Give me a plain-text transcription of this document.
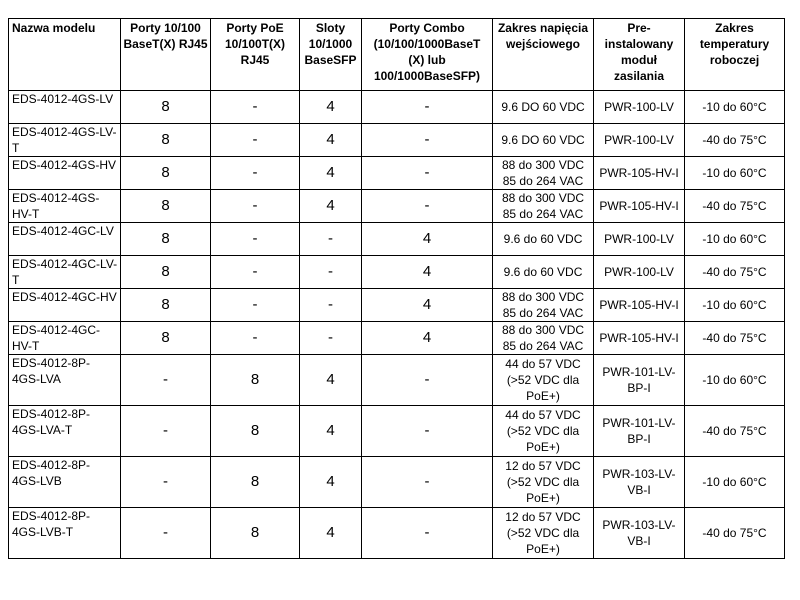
Nazwa modelu	Porty 10/100 BaseT(X) RJ45	Porty PoE 10/100T(X) RJ45	Sloty 10/1000 BaseSFP	Porty Combo (10/100/1000BaseT (X) lub 100/1000BaseSFP)	Zakres napięcia wejściowego	Pre-instalowany moduł zasilania	Zakres temperatury roboczej
EDS-4012-4GS-LV	8	-	4	-	9.6 DO 60 VDC	PWR-100-LV	-10 do 60°C
EDS-4012-4GS-LV-T	8	-	4	-	9.6 DO 60 VDC	PWR-100-LV	-40 do 75°C
EDS-4012-4GS-HV	8	-	4	-	88 do 300 VDC 85 do 264 VAC	PWR-105-HV-I	-10 do 60°C
EDS-4012-4GS-HV-T	8	-	4	-	88 do 300 VDC 85 do 264 VAC	PWR-105-HV-I	-40 do 75°C
EDS-4012-4GC-LV	8	-	-	4	9.6 do 60 VDC	PWR-100-LV	-10 do 60°C
EDS-4012-4GC-LV-T	8	-	-	4	9.6 do 60 VDC	PWR-100-LV	-40 do 75°C
EDS-4012-4GC-HV	8	-	-	4	88 do 300 VDC 85 do 264 VAC	PWR-105-HV-I	-10 do 60°C
EDS-4012-4GC-HV-T	8	-	-	4	88 do 300 VDC 85 do 264 VAC	PWR-105-HV-I	-40 do 75°C
EDS-4012-8P-4GS-LVA	-	8	4	-	44 do 57 VDC (>52 VDC dla PoE+)	PWR-101-LV-BP-I	-10 do 60°C
EDS-4012-8P-4GS-LVA-T	-	8	4	-	44 do 57 VDC (>52 VDC dla PoE+)	PWR-101-LV-BP-I	-40 do 75°C
EDS-4012-8P-4GS-LVB	-	8	4	-	12 do 57 VDC (>52 VDC dla PoE+)	PWR-103-LV-VB-I	-10 do 60°C
EDS-4012-8P-4GS-LVB-T	-	8	4	-	12 do 57 VDC (>52 VDC dla PoE+)	PWR-103-LV-VB-I	-40 do 75°C
